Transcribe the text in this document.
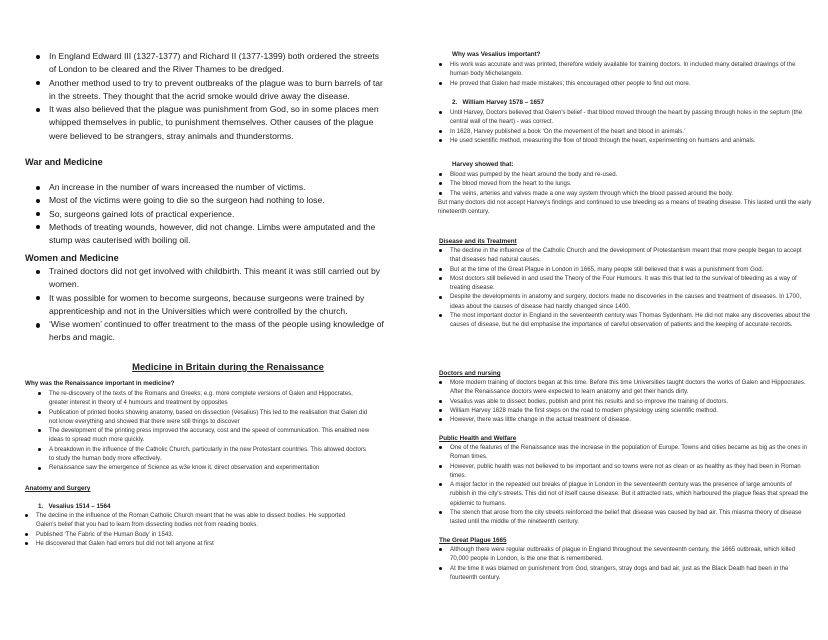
In England Edward III (1327-1377) and Richard II (1377-1399) both ordered the streets of London to be cleared and the River Thames to be dredged.
Another method used to try to prevent outbreaks of the plague was to burn barrels of tar in the streets. They thought that the acrid smoke would drive away the disease.
It was also believed that the plague was punishment from God, so in some places men whipped themselves in public, to punishment themselves. Other causes of the plague were believed to be strangers, stray animals and thunderstorms.
War and Medicine
An increase in the number of wars increased the number of victims.
Most of the victims were going to die so the surgeon had nothing to lose.
So, surgeons gained lots of practical experience.
Methods of treating wounds, however, did not change. Limbs were amputated and the stump was cauterised with boiling oil.
Women and Medicine
Trained doctors did not get involved with childbirth. This meant it was still carried out by women.
It was possible for women to become surgeons, because surgeons were trained by apprenticeship and not in the Universities which were controlled by the church.
‘Wise women’ continued to offer treatment to the mass of the people using knowledge of herbs and magic.
Medicine in Britain during the Renaissance
Why was the Renaissance important in medicine?
The re-discovery of the texts of the Romans and Greeks; e.g. more complete versions of Galen and Hippocrates, greater interest in theory of 4 humours and treatment by opposites
Publication of printed books showing anatomy, based on dissection (Vesalius) This led to the realisation that Galen did not know everything and showed that there were still things to discover
The development of the printing press improved the accuracy, cost and the speed of communication. This enabled new ideas to spread much more quickly.
A breakdown in the influence of the Catholic Church, particularly in the new Protestant countries. This allowed doctors to study the human body more effectively.
Renaissance saw the emergence of Science as w3e know it, direct observation and experimentation
Anatomy and Surgery
1.   Vesalius 1514 – 1564
The decline in the influence of the Roman Catholic Church meant that he was able to dissect bodies. He supported Galen's belief that you had to learn from dissecting bodies not from reading books.
Published ‘The Fabric of the Human Body’ in 1543.
He discovered that Galen had errors but did not tell anyone at first
Why was Vesalius important?
His work was accurate and was printed, therefore widely available for training doctors. In included many detailed drawings of the human body Michelangelo.
He proved that Galen had made mistakes; this encouraged other people to find out more.
2.   William Harvey 1578 – 1657
Until Harvey, Doctors believed that Galen's belief - that blood moved through the heart by passing through holes in the septum (the central wall of the heart) - was correct.
In 1628, Harvey published a book ‘On the movement of the heart and blood in animals.’
He used scientific method, measuring the flow of blood through the heart, experimenting on humans and animals.
Harvey showed that:
Blood was pumped by the heart around the body and re-used.
The blood moved from the heart to the lungs.
The veins, arteries and valves made a one way system through which the blood passed around the body.
But many doctors did not accept Harvey's findings and continued to use bleeding as a means of treating disease. This lasted until the early nineteenth century.
Disease and its Treatment
The decline in the influence of the Catholic Church and the development of Protestantism meant that more people began to accept that diseases had natural causes.
But at the time of the Great Plague in London in 1665, many people still believed that it was a punishment from God.
Most doctors still believed in and used the Theory of the Four Humours. It was this that led to the survival of bleeding as a way of treating disease.
Despite the developments in anatomy and surgery, doctors made no discoveries in the causes and treatment of diseases. In 1700, ideas about the causes of disease had hardly changed since 1400.
The most important doctor in England in the seventeenth century was Thomas Sydenham. He did not make any discoveries about the causes of disease, but he did emphasise the importance of careful observation of patients and the keeping of accurate records.
Doctors and nursing
More modern training of doctors began at this time. Before this time Universities taught doctors the works of Galen and Hippocrates. After the Renaissance doctors were expected to learn anatomy and get their hands dirty.
Vesalius was able to dissect bodies, publish and print his results and so improve the training of doctors.
William Harvey 1628 made the first steps on the road to modern physiology using scientific method.
However, there was little change in the actual treatment of disease.
Public Health and Welfare
One of the features of the Renaissance was the increase in the population of Europe. Towns and cities became as big as the ones in Roman times.
However, public health was not believed to be important and so towns were not as clean or as healthy as they had been in Roman times.
A major factor in the repeated out breaks of plague in London in the seventeenth century was the presence of large amounts of rubbish in the city's streets. This did not of itself cause disease. But it attracted rats, which harboured the plague fleas that spread the epidemic to humans.
The stench that arose from the city streets reinforced the belief that disease was caused by bad air. This miasma theory of disease lasted until the middle of the nineteenth century.
The Great Plague 1665
Although there were regular outbreaks of plague in England throughout the seventeenth century, the 1665 outbreak, which killed 70,000 people in London, is the one that is remembered.
At the time it was blamed on punishment from God, strangers, stray dogs and bad air, just as the Black Death had been in the fourteenth century.
